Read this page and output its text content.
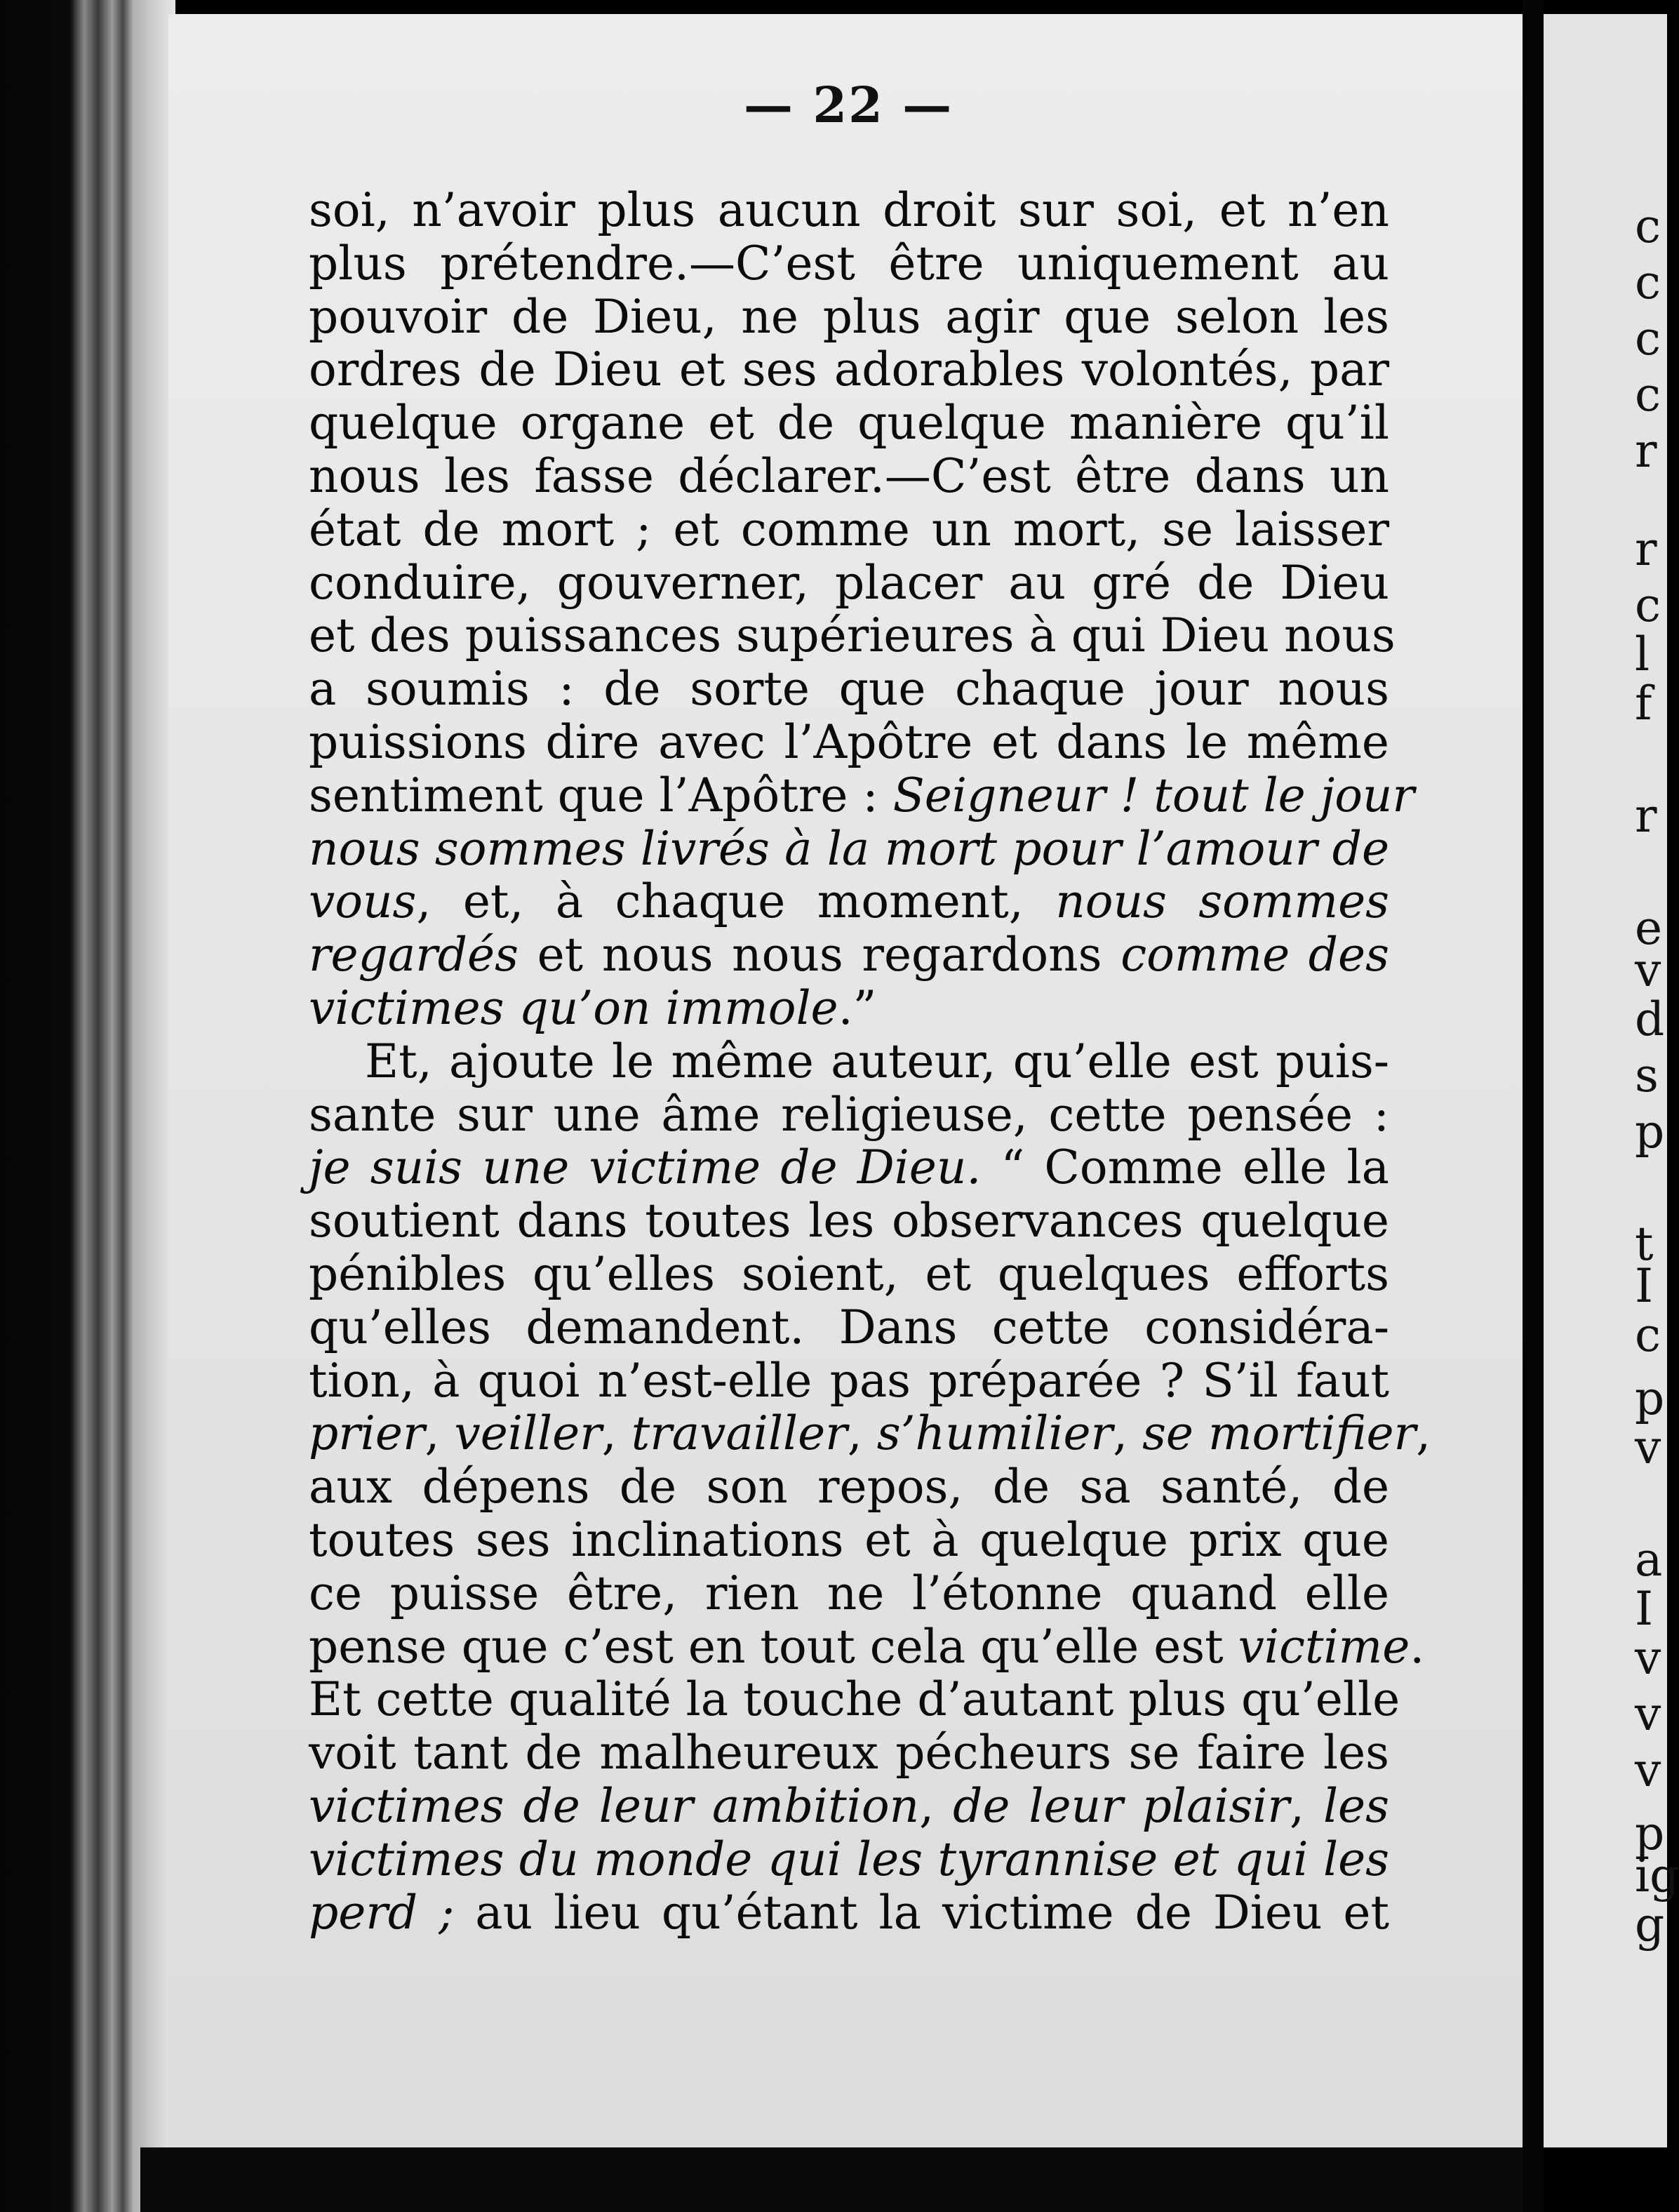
c
c
c
c
r
r
c
l
f
r
e
v
d
s
p
t
I
c
p
v
a
I
v
v
v
p
ig
g
— 22 —
soi, n’avoir plus aucun droit sur soi, et n’en
plus prétendre.—C’est être uniquement au
pouvoir de Dieu, ne plus agir que selon les
ordres de Dieu et ses adorables volontés, par
quelque organe et de quelque manière qu’il
nous les fasse déclarer.—C’est être dans un
état de mort ; et comme un mort, se laisser
conduire, gouverner, placer au gré de Dieu
et des puissances supérieures à qui Dieu nous
a soumis : de sorte que chaque jour nous
puissions dire avec l’Apôtre et dans le même
sentiment que l’Apôtre : Seigneur ! tout le jour
nous sommes livrés à la mort pour l’amour de
vous, et, à chaque moment, nous sommes
regardés et nous nous regardons comme des
victimes qu’on immole.”
Et, ajoute le même auteur, qu’elle est puis-
sante sur une âme religieuse, cette pensée :
je suis une victime de Dieu. “ Comme elle la
soutient dans toutes les observances quelque
pénibles qu’elles soient, et quelques efforts
qu’elles demandent. Dans cette considéra-
tion, à quoi n’est-elle pas préparée ? S’il faut
prier, veiller, travailler, s’humilier, se mortifier,
aux dépens de son repos, de sa santé, de
toutes ses inclinations et à quelque prix que
ce puisse être, rien ne l’étonne quand elle
pense que c’est en tout cela qu’elle est victime.
Et cette qualité la touche d’autant plus qu’elle
voit tant de malheureux pécheurs se faire les
victimes de leur ambition, de leur plaisir, les
victimes du monde qui les tyrannise et qui les
perd ; au lieu qu’étant la victime de Dieu et
